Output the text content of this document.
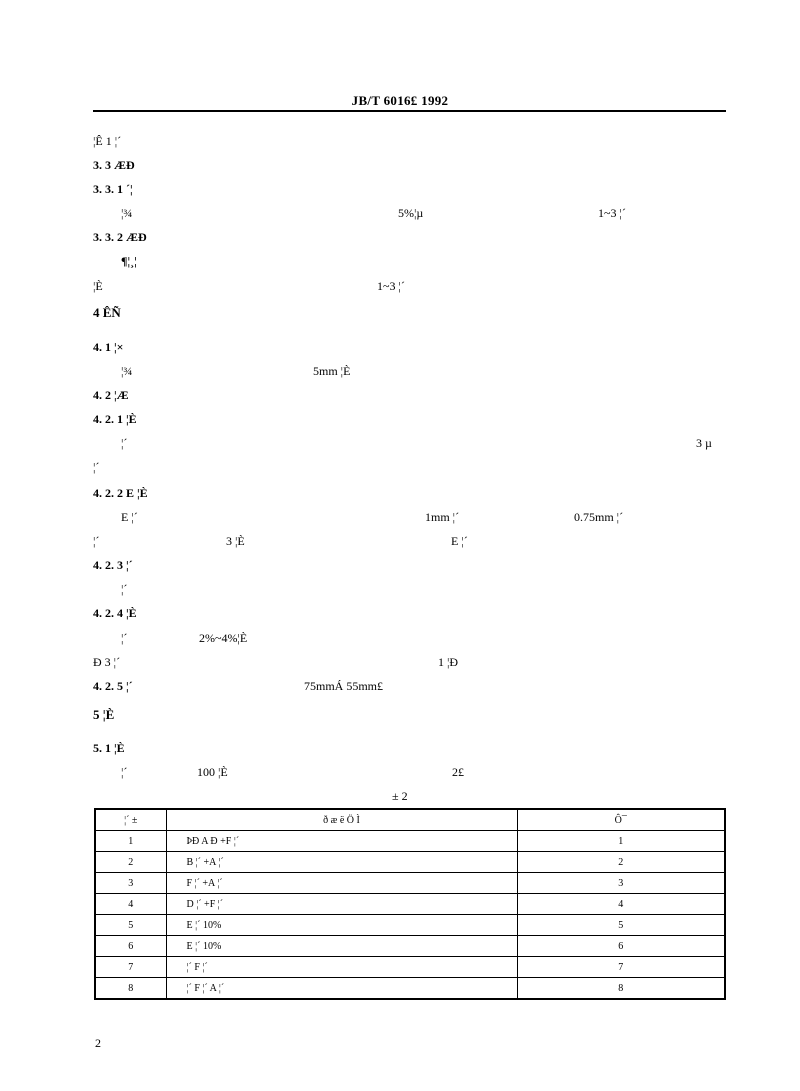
JB/T 6016£ 1992
¦Ê 1 ¦´
3. 3 ÆÐ
3. 3. 1 ´¦
¦¾	5%¦µ	1~3 ¦´
3. 3. 2 ÆÐ
¶¦¸¦
¦È	1~3 ¦´
4 ÊÑ
4. 1 ¦×
¦¾	5mm ¦È
4. 2 ¦Æ
4. 2. 1 ¦È
¦´	3 µ
¦´
4. 2. 2 E ¦È
E ¦´	1mm ¦´	0.75mm ¦´
¦´	3 ¦È	E ¦´
4. 2. 3 ¦´
¦´
4. 2. 4 ¦È
¦´	2%~4%¦È
Ð 3 ¦´	1 ¦Ð
4. 2. 5 ¦´	75mmÁ 55mm£
5 ¦È
5. 1 ¦È
¦´	100 ¦È	2£
± 2
¦´ ±	ð æ ë Ö Ì	Ô¯
1	ÞÐ A Ð +F ¦´	1
2	B ¦´ +A ¦´	2
3	F ¦´ +A ¦´	3
4	D ¦´ +F ¦´	4
5	E ¦´ 10%	5
6	E ¦´ 10%	6
7	¦´ F ¦´	7
8	¦´ F ¦´ A ¦´	8
2
